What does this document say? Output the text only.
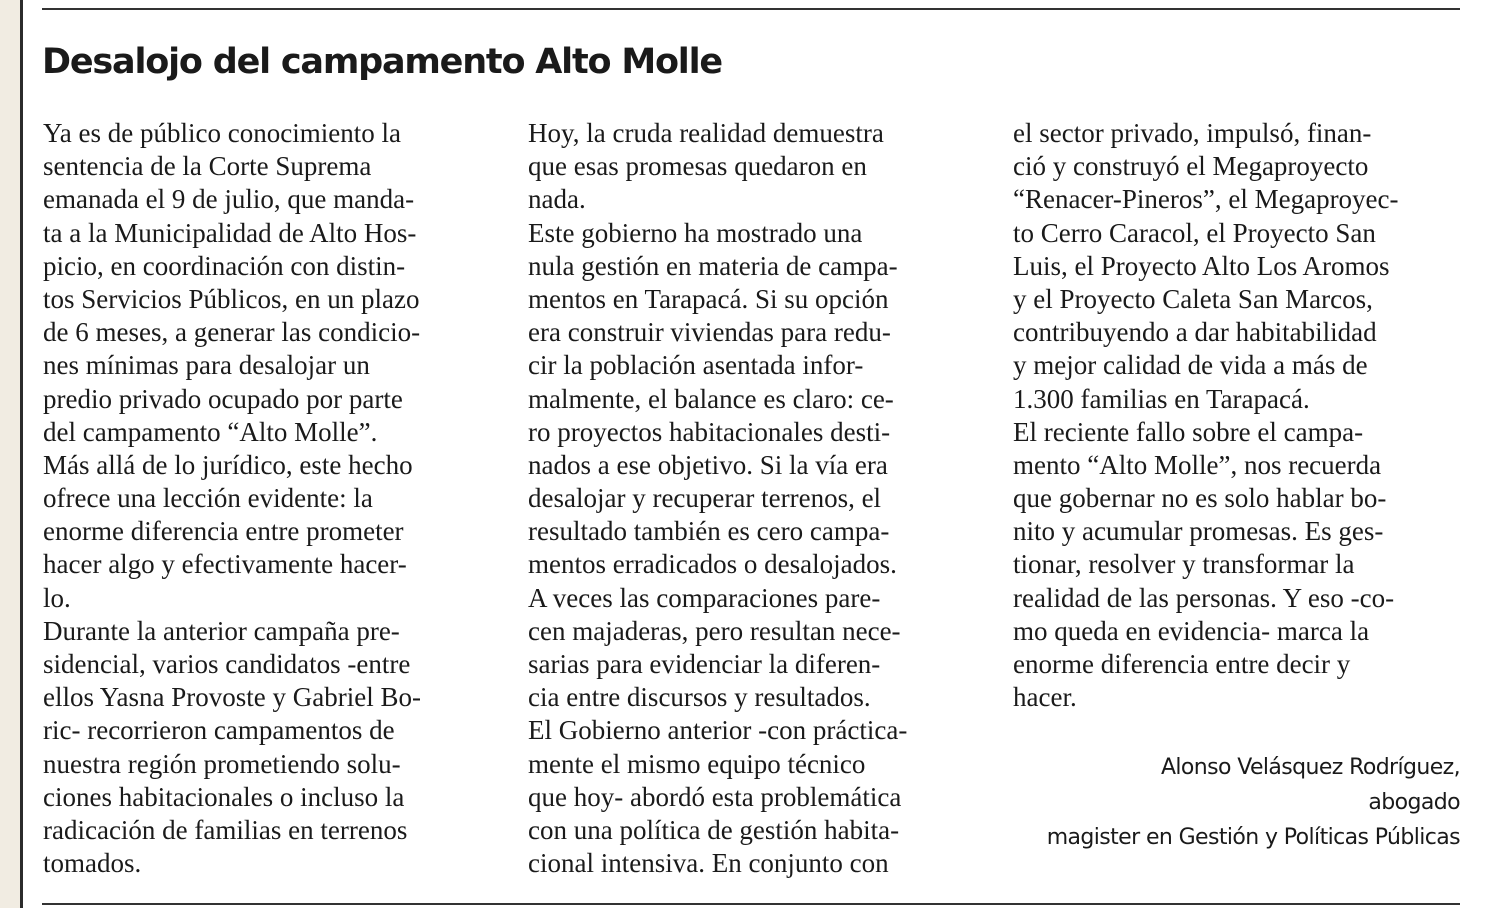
Desalojo del campamento Alto Molle
Ya es de público conocimiento la
sentencia de la Corte Suprema
emanada el 9 de julio, que manda-
ta a la Municipalidad de Alto Hos-
picio, en coordinación con distin-
tos Servicios Públicos, en un plazo
de 6 meses, a generar las condicio-
nes mínimas para desalojar un
predio privado ocupado por parte
del campamento “Alto Molle”.
Más allá de lo jurídico, este hecho
ofrece una lección evidente: la
enorme diferencia entre prometer
hacer algo y efectivamente hacer-
lo.
Durante la anterior campaña pre-
sidencial, varios candidatos -entre
ellos Yasna Provoste y Gabriel Bo-
ric- recorrieron campamentos de
nuestra región prometiendo solu-
ciones habitacionales o incluso la
radicación de familias en terrenos
tomados.
Hoy, la cruda realidad demuestra
que esas promesas quedaron en
nada.
Este gobierno ha mostrado una
nula gestión en materia de campa-
mentos en Tarapacá. Si su opción
era construir viviendas para redu-
cir la población asentada infor-
malmente, el balance es claro: ce-
ro proyectos habitacionales desti-
nados a ese objetivo. Si la vía era
desalojar y recuperar terrenos, el
resultado también es cero campa-
mentos erradicados o desalojados.
A veces las comparaciones pare-
cen majaderas, pero resultan nece-
sarias para evidenciar la diferen-
cia entre discursos y resultados.
El Gobierno anterior -con práctica-
mente el mismo equipo técnico
que hoy- abordó esta problemática
con una política de gestión habita-
cional intensiva. En conjunto con
el sector privado, impulsó, finan-
ció y construyó el Megaproyecto
“Renacer-Pineros”, el Megaproyec-
to Cerro Caracol, el Proyecto San
Luis, el Proyecto Alto Los Aromos
y el Proyecto Caleta San Marcos,
contribuyendo a dar habitabilidad
y mejor calidad de vida a más de
1.300 familias en Tarapacá.
El reciente fallo sobre el campa-
mento “Alto Molle”, nos recuerda
que gobernar no es solo hablar bo-
nito y acumular promesas. Es ges-
tionar, resolver y transformar la
realidad de las personas. Y eso -co-
mo queda en evidencia- marca la
enorme diferencia entre decir y
hacer.
Alonso Velásquez Rodríguez,
abogado
magister en Gestión y Políticas Públicas
